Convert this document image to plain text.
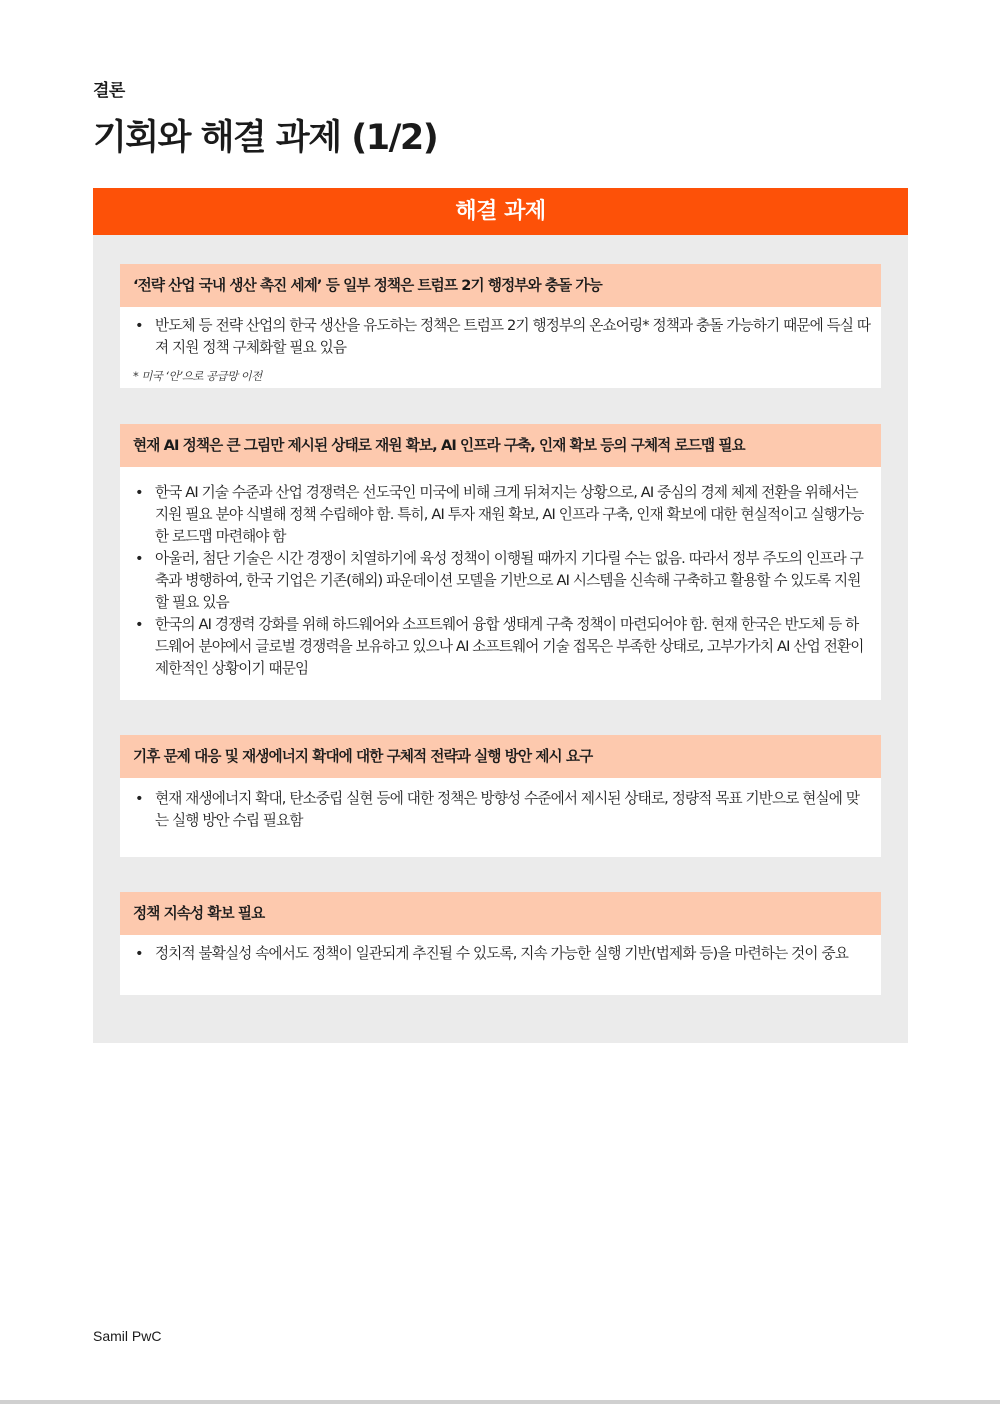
결론
기회와 해결 과제 (1/2)
해결 과제
‘전략 산업 국내 생산 촉진 세제’ 등 일부 정책은 트럼프 2기 행정부와 충돌 가능
• 반도체 등 전략 산업의 한국 생산을 유도하는 정책은 트럼프 2기 행정부의 온쇼어링* 정책과 충돌 가능하기 때문에 득실 따져 지원 정책 구체화할 필요 있음
* 미국 ‘안’으로 공급망 이전
현재 AI 정책은 큰 그림만 제시된 상태로 재원 확보, AI 인프라 구축, 인재 확보 등의 구체적 로드맵 필요
• 한국 AI 기술 수준과 산업 경쟁력은 선도국인 미국에 비해 크게 뒤쳐지는 상황으로, AI 중심의 경제 체제 전환을 위해서는 지원 필요 분야 식별해 정책 수립해야 함. 특히, AI 투자 재원 확보, AI 인프라 구축, 인재 확보에 대한 현실적이고 실행가능한 로드맵 마련해야 함
• 아울러, 첨단 기술은 시간 경쟁이 치열하기에 육성 정책이 이행될 때까지 기다릴 수는 없음. 따라서 정부 주도의 인프라 구축과 병행하여, 한국 기업은 기존(해외) 파운데이션 모델을 기반으로 AI 시스템을 신속해 구축하고 활용할 수 있도록 지원할 필요 있음
• 한국의 AI 경쟁력 강화를 위해 하드웨어와 소프트웨어 융합 생태계 구축 정책이 마련되어야 함. 현재 한국은 반도체 등 하드웨어 분야에서 글로벌 경쟁력을 보유하고 있으나 AI 소프트웨어 기술 접목은 부족한 상태로, 고부가가치 AI 산업 전환이 제한적인 상황이기 때문임
기후 문제 대응 및 재생에너지 확대에 대한 구체적 전략과 실행 방안 제시 요구
• 현재 재생에너지 확대, 탄소중립 실현 등에 대한 정책은 방향성 수준에서 제시된 상태로, 정량적 목표 기반으로 현실에 맞는 실행 방안 수립 필요함
정책 지속성 확보 필요
• 정치적 불확실성 속에서도 정책이 일관되게 추진될 수 있도록, 지속 가능한 실행 기반(법제화 등)을 마련하는 것이 중요
Samil PwC
